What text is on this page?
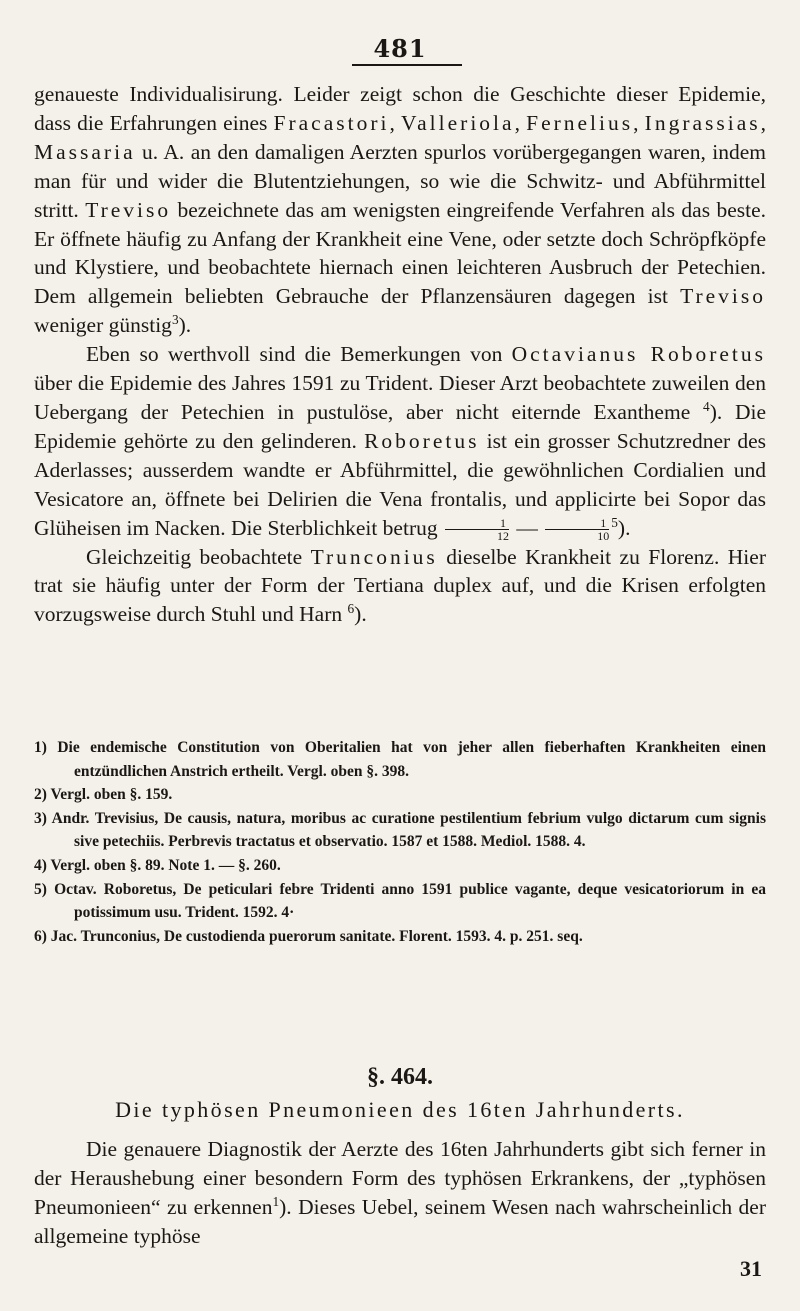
481

genaueste Individualisirung. Leider zeigt schon die Geschichte dieser Epidemie, dass die Erfahrungen eines Fracastori, Valleriola, Fernelius, Ingrassias, Massaria u. A. an den damaligen Aerzten spurlos vorübergegangen waren, indem man für und wider die Blutentziehungen, so wie die Schwitz- und Abführmittel stritt. Treviso bezeichnete das am wenigsten eingreifende Verfahren als das beste. Er öffnete häufig zu Anfang der Krankheit eine Vene, oder setzte doch Schröpfköpfe und Klystiere, und beobachtete hiernach einen leichteren Ausbruch der Petechien. Dem allgemein beliebten Gebrauche der Pflanzensäuren dagegen ist Treviso weniger günstig$^3$).

Eben so werthvoll sind die Bemerkungen von Octavianus Roboretus über die Epidemie des Jahres 1591 zu Trident. Dieser Arzt beobachtete zuweilen den Uebergang der Petechien in pustulöse, aber nicht eiternde Exantheme $^4$). Die Epidemie gehörte zu den gelinderen. Roboretus ist ein grosser Schutzredner des Aderlasses; ausserdem wandte er Abführmittel, die gewöhnlichen Cordialien und Vesicatore an, öffnete bei Delirien die Vena frontalis, und applicirte bei Sopor das Glüheisen im Nacken. Die Sterblichkeit betrug $\frac{1}{12}$ — $\frac{1}{10} ^5$).

Gleichzeitig beobachtete Trunconius dieselbe Krankheit zu Florenz. Hier trat sie häufig unter der Form der Tertiana duplex auf, und die Krisen erfolgten vorzugsweise durch Stuhl und Harn $^6$).

1) Die endemische Constitution von Oberitalien hat von jeher allen fieberhaften Krankheiten einen entzündlichen Anstrich ertheilt. Vergl. oben §. 398.

2) Vergl. oben §. 159.

3) Andr. Trevisius, De causis, natura, moribus ac curatione pestilentium febrium vulgo dictarum cum signis sive petechiis. Perbrevis tractatus et observatio. 1587 et 1588. Mediol. 1588. 4.

4) Vergl. oben §. 89. Note 1. — §. 260.

5) Octav. Roboretus, De peticulari febre Tridenti anno 1591 publice vagante, deque vesicatoriorum in ea potissimum usu. Trident. 1592. 4·

6) Jac. Trunconius, De custodienda puerorum sanitate. Florent. 1593. 4. p. 251. seq.

§. 464.
Die typhösen Pneumonieen des 16ten Jahrhunderts.

Die genauere Diagnostik der Aerzte des 16ten Jahrhunderts gibt sich ferner in der Heraushebung einer besondern Form des typhösen Erkrankens, der „typhösen Pneumonieen“ zu erkennen$^1$). Dieses Uebel, seinem Wesen nach wahrscheinlich der allgemeine typhöse

31
